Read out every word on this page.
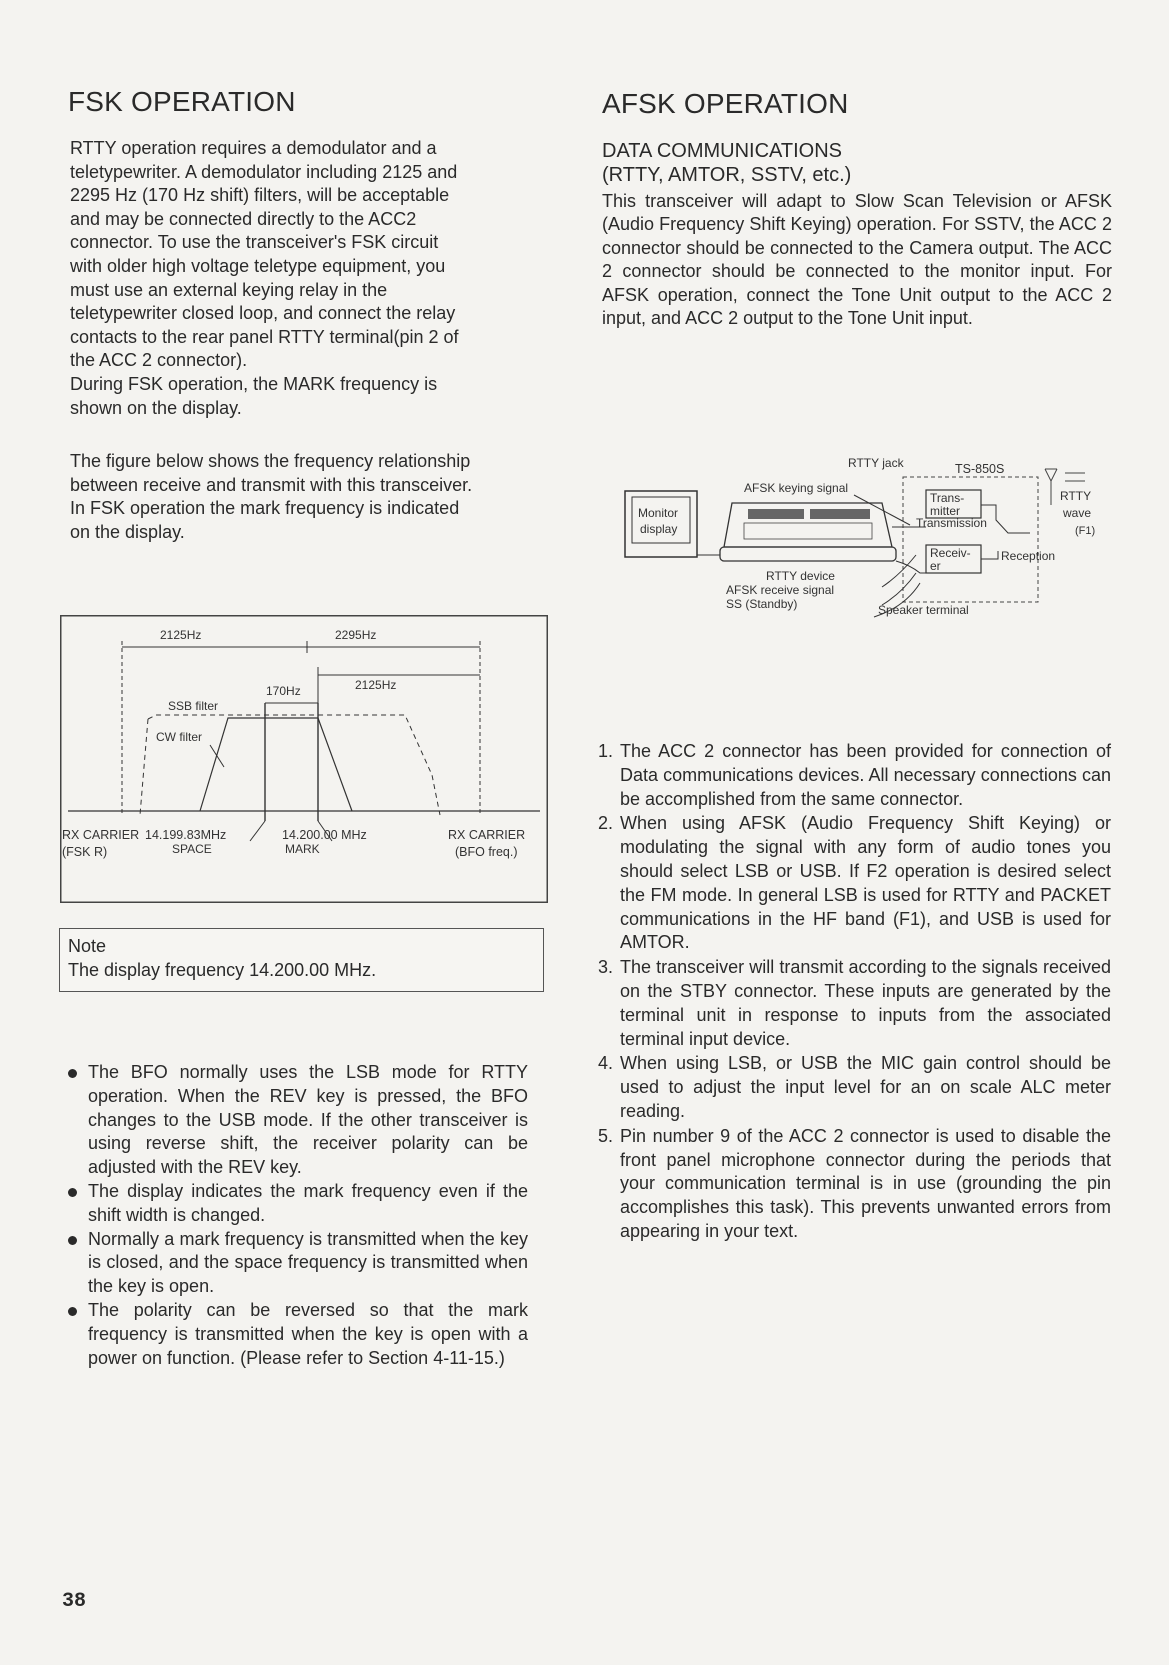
FSK OPERATION
RTTY operation requires a demodulator and a
teletypewriter. A demodulator including 2125 and
2295 Hz (170 Hz shift) filters, will be acceptable
and may be connected directly to the ACC2
connector. To use the transceiver's FSK circuit
with older high voltage teletype equipment, you
must use an external keying relay in the
teletypewriter closed loop, and connect the relay
contacts to the rear panel RTTY terminal(pin 2 of
the ACC 2 connector).
During FSK operation, the MARK frequency is
shown on the display.
The figure below shows the frequency relationship
between receive and transmit with this transceiver.
In FSK operation the mark frequency is indicated
on the display.
2125Hz	2295Hz
2125Hz
170Hz
SSB filter
CW filter
RX CARRIER
(FSK R)
14.199.83MHz
SPACE
14.200.00 MHz
MARK
RX CARRIER
(BFO freq.)
Note
The display frequency 14.200.00 MHz.
The BFO normally uses the LSB mode for RTTY operation. When the REV key is pressed, the BFO changes to the USB mode. If the other transceiver is using reverse shift, the receiver polarity can be adjusted with the REV key.
The display indicates the mark frequency even if the shift width is changed.
Normally a mark frequency is transmitted when the key is closed, and the space frequency is transmitted when the key is open.
The polarity can be reversed so that the mark frequency is transmitted when the key is open with a power on function. (Please refer to Section 4-11-15.)
AFSK OPERATION
DATA COMMUNICATIONS
(RTTY, AMTOR, SSTV, etc.)
This transceiver will adapt to Slow Scan Television or AFSK (Audio Frequency Shift Keying) operation. For SSTV, the ACC 2 connector should be connected to the Camera output. The ACC 2 connector should be connected to the monitor input. For AFSK operation, connect the Tone Unit output to the ACC 2 input, and ACC 2 output to the Tone Unit input.
RTTY jack	TS-850S
AFSK keying signal
RTTY
wave
(F1)
Monitor
display
Trans-
mitter
Transmission
Receiv-
er
Reception
RTTY device
AFSK receive signal
SS (Standby)	Speaker terminal
1. The ACC 2 connector has been provided for connection of Data communications devices. All necessary connections can be accomplished from the same connector.
2. When using AFSK (Audio Frequency Shift Keying) or modulating the signal with any form of audio tones you should select LSB or USB. If F2 operation is desired select the FM mode. In general LSB is used for RTTY and PACKET communications in the HF band (F1), and USB is used for AMTOR.
3. The transceiver will transmit according to the signals received on the STBY connector. These inputs are generated by the terminal unit in response to inputs from the associated terminal input device.
4. When using LSB, or USB the MIC gain control should be used to adjust the input level for an on scale ALC meter reading.
5. Pin number 9 of the ACC 2 connector is used to disable the front panel microphone connector during the periods that your communication terminal is in use (grounding the pin accomplishes this task). This prevents unwanted errors from appearing in your text.
38
